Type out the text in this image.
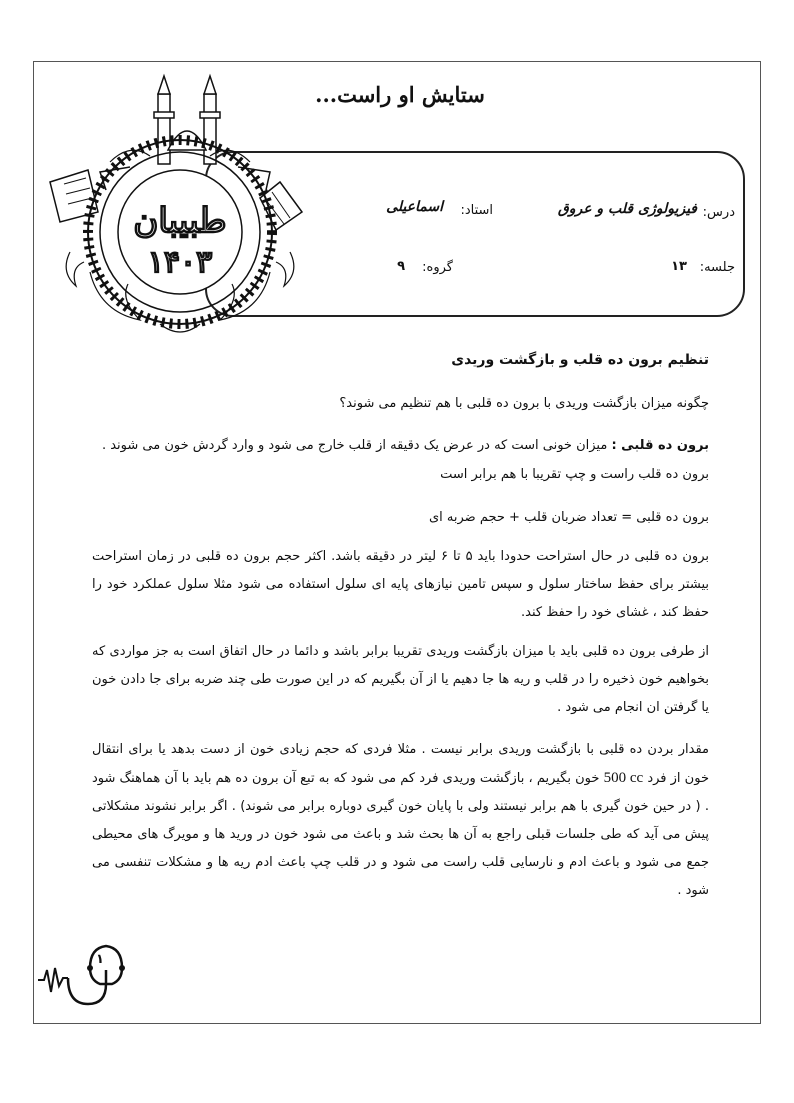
ستایش او راست...
درس:
فیزیولوژی قلب و عروق
استاد:
اسماعیلی
جلسه:
۱۳
گروه:
۹
طبیبان
۱۴۰۳
تنظیم برون ده قلب و بازگشت وریدی
چگونه میزان بازگشت وریدی با برون ده قلبی با هم تنظیم می شوند؟
برون ده قلبی : میزان خونی است که در عرض یک دقیقه از قلب خارج می شود و وارد گردش خون می شوند .
برون ده قلب راست و چپ تقریبا با هم برابر است
برون ده قلبی = تعداد ضربان قلب + حجم ضربه ای
برون ده قلبی در حال استراحت حدودا باید ۵ تا ۶ لیتر در دقیقه باشد. اکثر حجم برون ده قلبی در زمان استراحت بیشتر برای حفظ ساختار سلول و سپس تامین نیازهای پایه ای سلول استفاده می شود مثلا سلول عملکرد خود را حفظ کند ، غشای خود را حفظ کند.
از طرفی برون ده قلبی باید با میزان بازگشت وریدی تقریبا برابر باشد و دائما در حال اتفاق است به جز مواردی که بخواهیم خون ذخیره را در قلب و ریه ها جا دهیم یا از آن بگیریم که در این صورت طی چند ضربه برای جا دادن خون یا گرفتن ان انجام می شود .
مقدار بردن ده قلبی با بازگشت وریدی برابر نیست . مثلا فردی که حجم زیادی خون از دست بدهد یا برای انتقال خون از فرد 500 cc خون بگیریم ، بازگشت وریدی فرد کم می شود که به تبع آن برون ده هم باید با آن هماهنگ شود . ( در حین خون گیری با هم برابر نیستند ولی با پایان خون گیری دوباره برابر می شوند) . اگر برابر نشوند مشکلاتی پیش می آید که طی جلسات قبلی راجع به آن ها بحث شد و باعث می شود خون در ورید ها و مویرگ های محیطی جمع می شود و باعث ادم و نارسایی قلب راست می شود و در قلب چپ باعث ادم ریه ها و مشکلات تنفسی می شود .
۱
